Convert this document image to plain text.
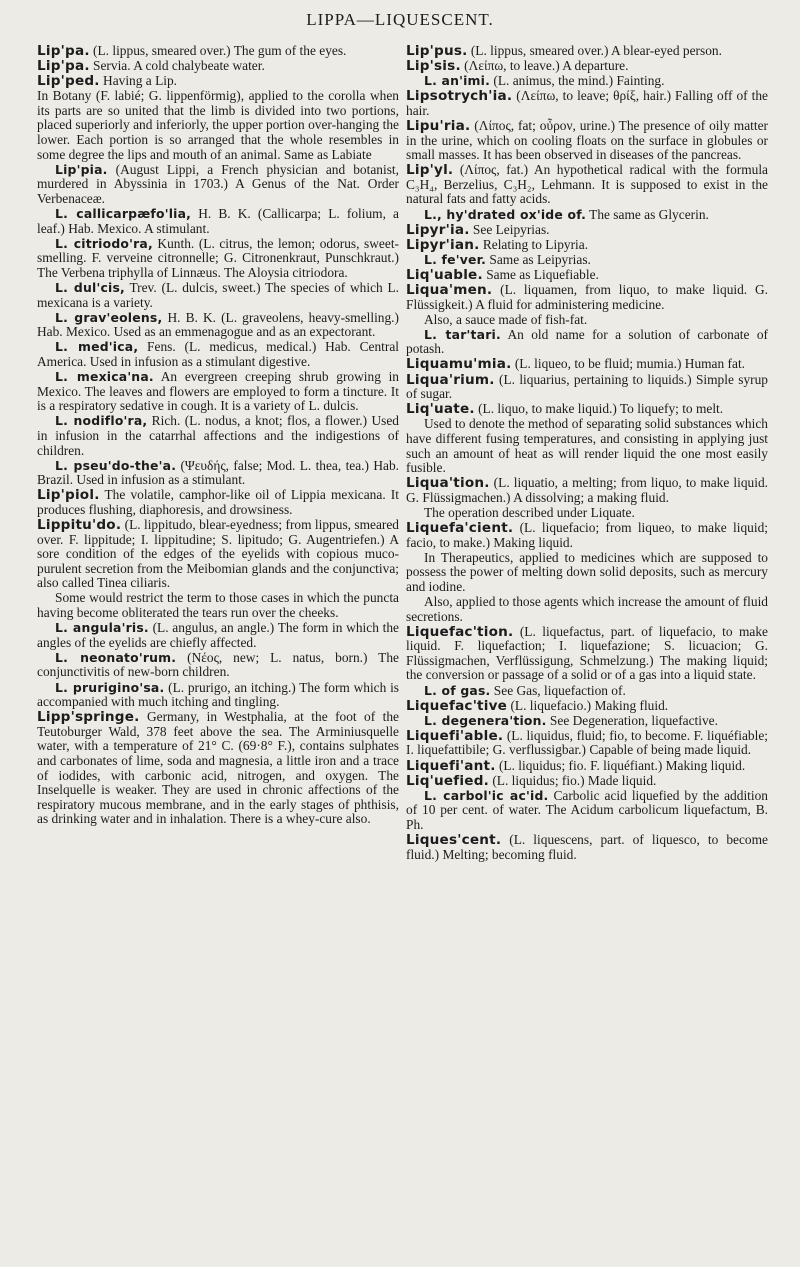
LIPPA—LIQUESCENT.

Lip'pa. (L. lippus, smeared over.) The gum of the eyes.

Lip'pa. Servia. A cold chalybeate water.

Lip'ped. Having a Lip.

In Botany (F. labié; G. lippenförmig), applied to the corolla when its parts are so united that the limb is divided into two portions, placed superiorly and inferiorly, the upper portion over-hanging the lower. Each portion is so arranged that the whole resembles in some degree the lips and mouth of an animal. Same as Labiate

Lip'pia. (August Lippi, a French physician and botanist, murdered in Abyssinia in 1703.) A Genus of the Nat. Order Verbenaceæ.

L. callicarpæfo'lia, H. B. K. (Callicarpa; L. folium, a leaf.) Hab. Mexico. A stimulant.

L. citriodo'ra, Kunth. (L. citrus, the lemon; odorus, sweet-smelling. F. verveine citronnelle; G. Citronenkraut, Punschkraut.) The Verbena triphylla of Linnæus. The Aloysia citriodora.

L. dul'cis, Trev. (L. dulcis, sweet.) The species of which L. mexicana is a variety.

L. grav'eolens, H. B. K. (L. graveolens, heavy-smelling.) Hab. Mexico. Used as an emmenagogue and as an expectorant.

L. med'ica, Fens. (L. medicus, medical.) Hab. Central America. Used in infusion as a stimulant digestive.

L. mexica'na. An evergreen creeping shrub growing in Mexico. The leaves and flowers are employed to form a tincture. It is a respiratory sedative in cough. It is a variety of L. dulcis.

L. nodiflo'ra, Rich. (L. nodus, a knot; flos, a flower.) Used in infusion in the catarrhal affections and the indigestions of children.

L. pseu'do-the'a. (Ψευδής, false; Mod. L. thea, tea.) Hab. Brazil. Used in infusion as a stimulant.

Lip'piol. The volatile, camphor-like oil of Lippia mexicana. It produces flushing, diaphoresis, and drowsiness.

Lippitu'do. (L. lippitudo, blear-eyedness; from lippus, smeared over. F. lippitude; I. lippitudine; S. lipitudo; G. Augentriefen.) A sore condition of the edges of the eyelids with copious muco-purulent secretion from the Meibomian glands and the conjunctiva; also called Tinea ciliaris.

Some would restrict the term to those cases in which the puncta having become obliterated the tears run over the cheeks.

L. angula'ris. (L. angulus, an angle.) The form in which the angles of the eyelids are chiefly affected.

L. neonato'rum. (Νέος, new; L. natus, born.) The conjunctivitis of new-born children.

L. prurigino'sa. (L. prurigo, an itching.) The form which is accompanied with much itching and tingling.

Lipp'springe. Germany, in Westphalia, at the foot of the Teutoburger Wald, 378 feet above the sea. The Arminiusquelle water, with a temperature of 21° C. (69·8° F.), contains sulphates and carbonates of lime, soda and magnesia, a little iron and a trace of iodides, with carbonic acid, nitrogen, and oxygen. The Inselquelle is weaker. They are used in chronic affections of the respiratory mucous membrane, and in the early stages of phthisis, as drinking water and in inhalation. There is a whey-cure also.

Lip'pus. (L. lippus, smeared over.) A blear-eyed person.

Lip'sis. (Λείπω, to leave.) A departure.

L. an'imi. (L. animus, the mind.) Fainting.

Lipsotrych'ia. (Λείπω, to leave; θρίξ, hair.) Falling off of the hair.

Lipu'ria. (Λίπος, fat; οὖρον, urine.) The presence of oily matter in the urine, which on cooling floats on the surface in globules or small masses. It has been observed in diseases of the pancreas.

Lip'yl. (Λίπος, fat.) An hypothetical radical with the formula C₃H₄, Berzelius, C₃H₂, Lehmann. It is supposed to exist in the natural fats and fatty acids.

L., hy'drated ox'ide of. The same as Glycerin.

Lipyr'ia. See Leipyrias.

Lipyr'ian. Relating to Lipyria.

L. fe'ver. Same as Leipyrias.

Liq'uable. Same as Liquefiable.

Liqua'men. (L. liquamen, from liquo, to make liquid. G. Flüssigkeit.) A fluid for administering medicine.

Also, a sauce made of fish-fat.

L. tar'tari. An old name for a solution of carbonate of potash.

Liquamu'mia. (L. liqueo, to be fluid; mumia.) Human fat.

Liqua'rium. (L. liquarius, pertaining to liquids.) Simple syrup of sugar.

Liq'uate. (L. liquo, to make liquid.) To liquefy; to melt.

Used to denote the method of separating solid substances which have different fusing temperatures, and consisting in applying just such an amount of heat as will render liquid the one most easily fusible.

Liqua'tion. (L. liquatio, a melting; from liquo, to make liquid. G. Flüssigmachen.) A dissolving; a making fluid.

The operation described under Liquate.

Liquefa'cient. (L. liquefacio; from liqueo, to make liquid; facio, to make.) Making liquid.

In Therapeutics, applied to medicines which are supposed to possess the power of melting down solid deposits, such as mercury and iodine.

Also, applied to those agents which increase the amount of fluid secretions.

Liquefac'tion. (L. liquefactus, part. of liquefacio, to make liquid. F. liquefaction; I. liquefazione; S. licuacion; G. Flüssigmachen, Verflüssigung, Schmelzung.) The making liquid; the conversion or passage of a solid or of a gas into a liquid state.

L. of gas. See Gas, liquefaction of.

Liquefac'tive (L. liquefacio.) Making fluid.

L. degenera'tion. See Degeneration, liquefactive.

Liquefi'able. (L. liquidus, fluid; fio, to become. F. liquéfiable; I. liquefattibile; G. verflussigbar.) Capable of being made liquid.

Liquefi'ant. (L. liquidus; fio. F. liquéfiant.) Making liquid.

Liq'uefied. (L. liquidus; fio.) Made liquid.

L. carbol'ic ac'id. Carbolic acid liquefied by the addition of 10 per cent. of water. The Acidum carbolicum liquefactum, B. Ph.

Liques'cent. (L. liquescens, part. of liquesco, to become fluid.) Melting; becoming fluid.
